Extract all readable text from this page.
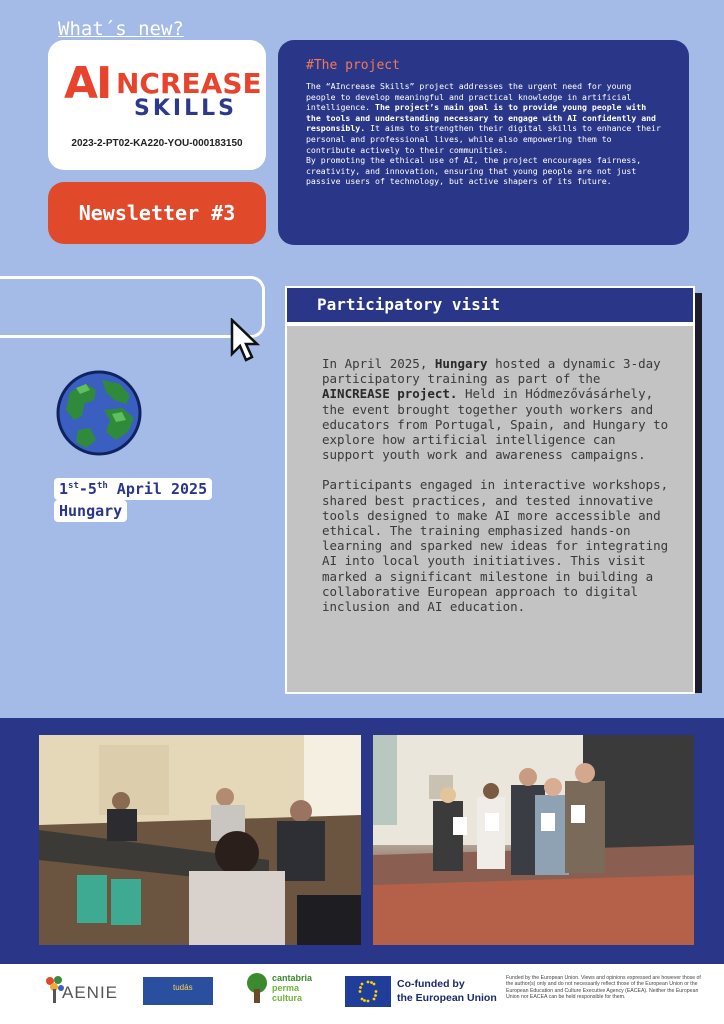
AI NCREASE
SKILLS
2023-2-PT02-KA220-YOU-000183150
Newsletter #3
#The project
The “AIncrease Skills” project addresses the urgent need for young people to develop meaningful and practical knowledge in artificial intelligence. The project’s main goal is to provide young people with the tools and understanding necessary to engage with AI confidently and responsibly. It aims to strengthen their digital skills to enhance their personal and professional lives, while also empowering them to contribute actively to their communities.
By promoting the ethical use of AI, the project encourages fairness, creativity, and innovation, ensuring that young people are not just passive users of technology, but active shapers of its future.
What´s new?
1st-5th April 2025
Hungary

In April 2025, Hungary hosted a dynamic 3-day participatory training as part of the AINCREASE project. Held in Hódmezővásárhely, the event brought together youth workers and educators from Portugal, Spain, and Hungary to explore how artificial intelligence can support youth work and awareness campaigns.

Participants engaged in interactive workshops, shared best practices, and tested innovative tools designed to make AI more accessible and ethical. The training emphasized hands-on learning and sparked new ideas for integrating AI into local youth initiatives. This visit marked a significant milestone in building a collaborative European approach to digital inclusion and AI education.

Participatory visit
AENIE	tudás
cantabria
perma
cultura
Co-funded by
the European Union
Funded by the European Union. Views and opinions expressed are however those of the author(s) only and do not necessarily reflect those of the European Union or the European Education and Culture Executive Agency (EACEA). Neither the European Union nor EACEA can be held responsible for them.
